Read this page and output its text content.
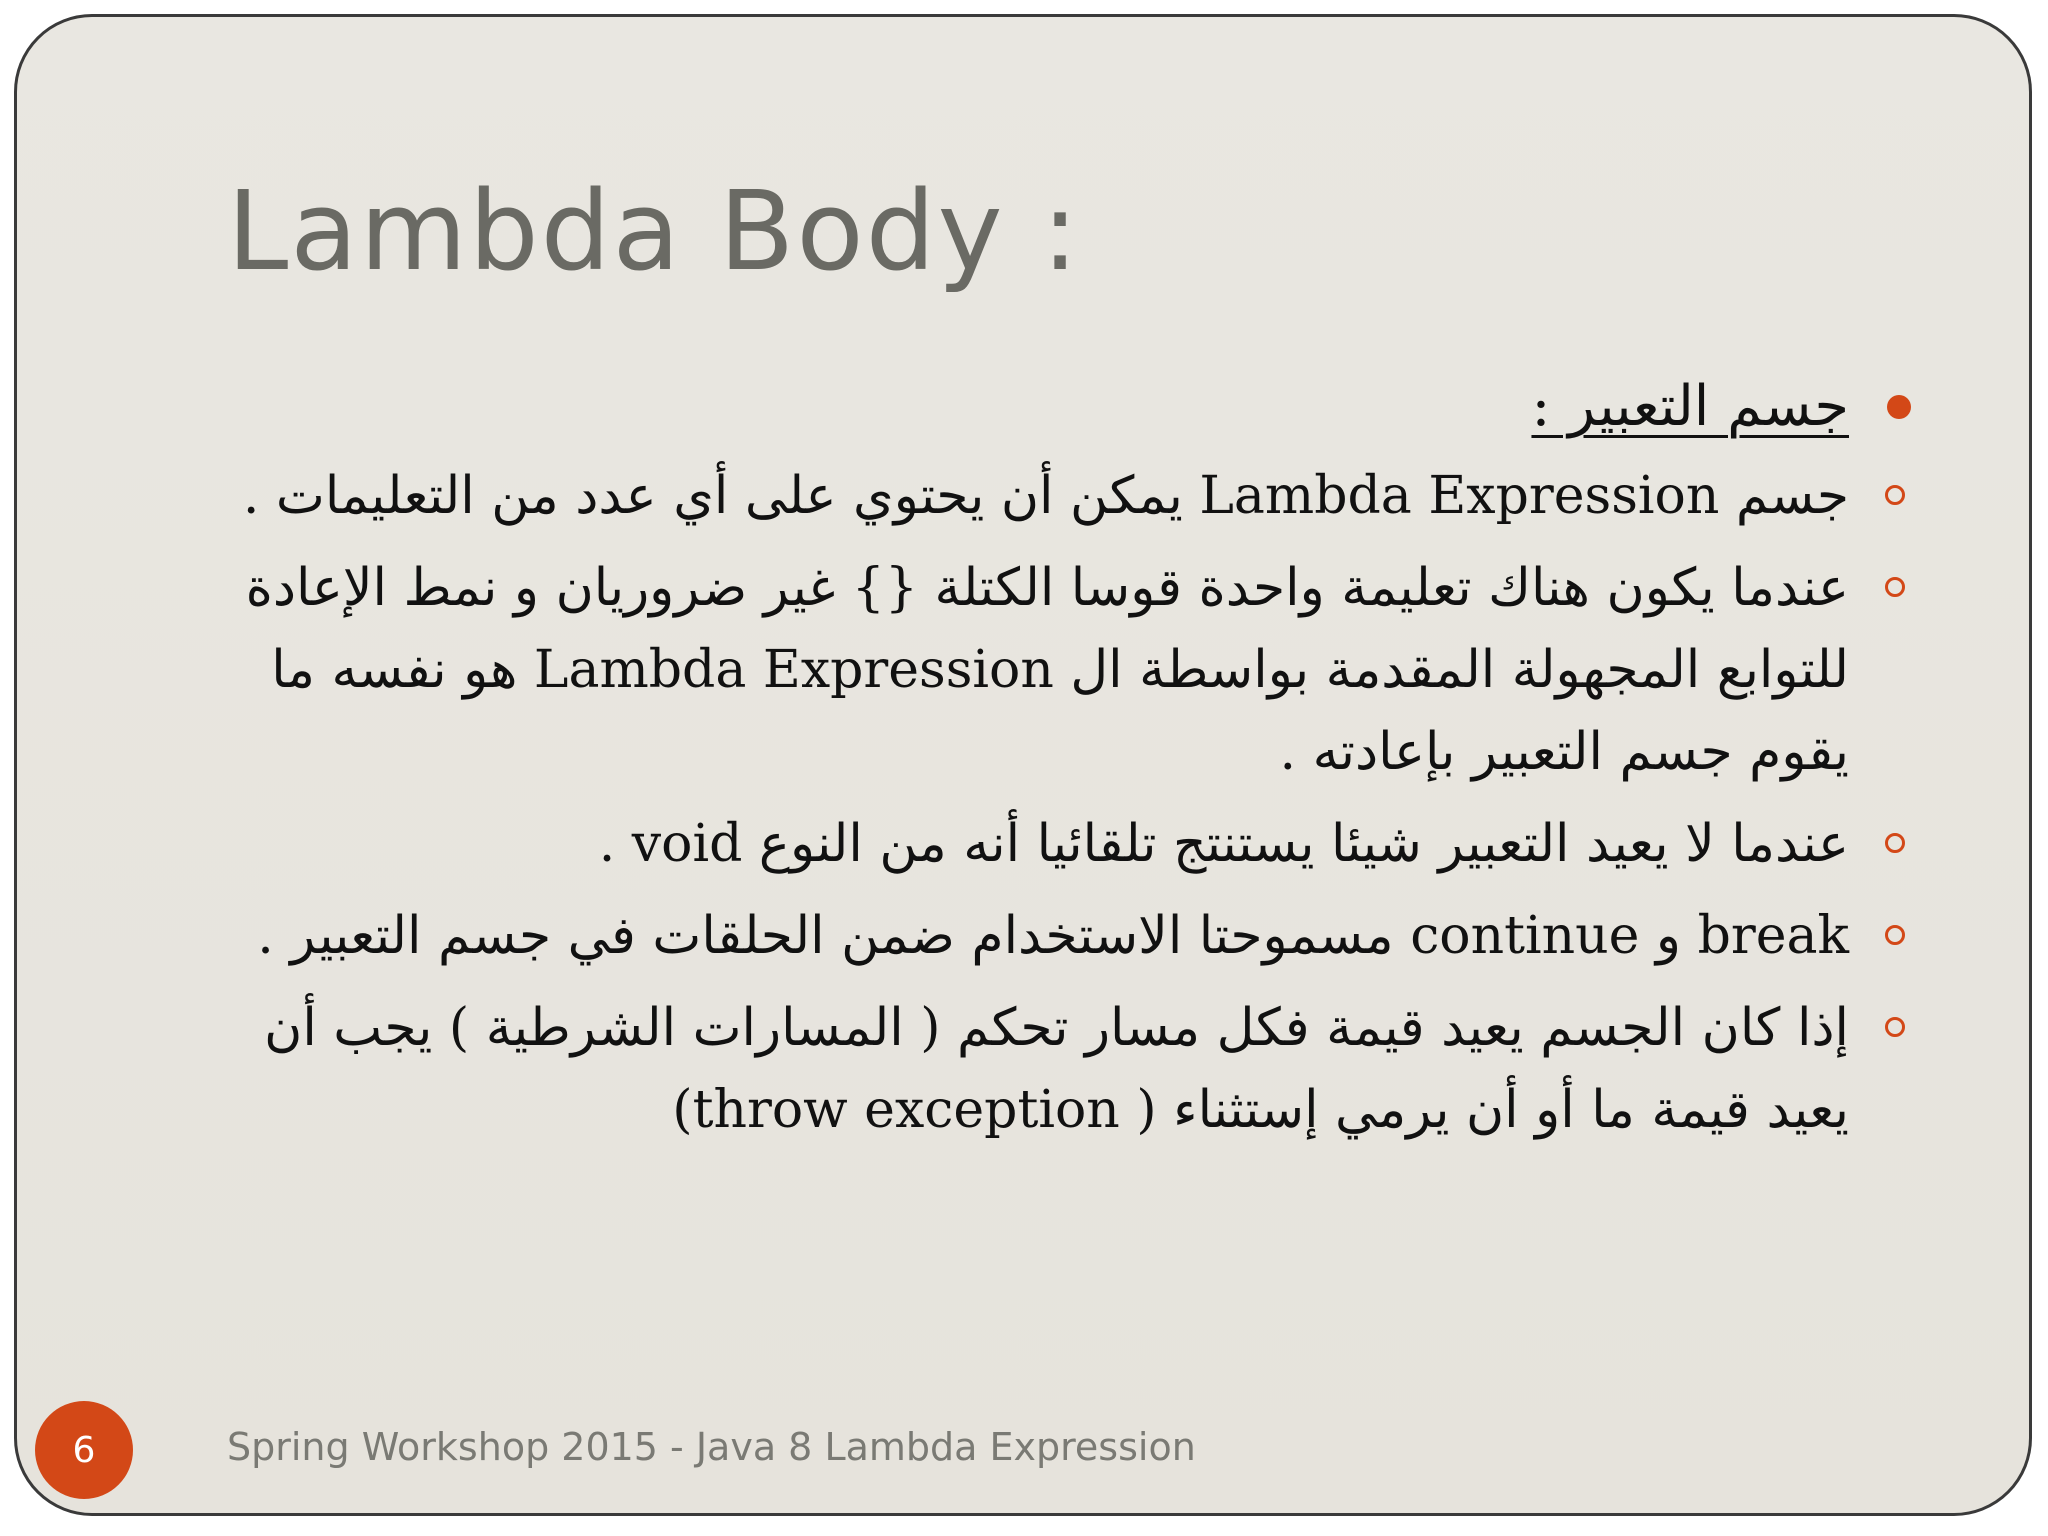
Lambda Body :
جسم التعبير :
جسم Lambda Expression يمكن أن يحتوي على أي عدد من التعليمات .
عندما يكون هناك تعليمة واحدة قوسا الكتلة {} غير ضروريان و نمط الإعادة للتوابع المجهولة المقدمة بواسطة ال Lambda Expression هو نفسه ما يقوم جسم التعبير بإعادته .
عندما لا يعيد التعبير شيئا يستنتج تلقائيا أنه من النوع void .
break و continue مسموحتا الاستخدام ضمن الحلقات في جسم التعبير .
إذا كان الجسم يعيد قيمة فكل مسار تحكم ( المسارات الشرطية ) يجب أن يعيد قيمة ما أو أن يرمي إستثناء ( throw exception)
6	Spring Workshop 2015 - Java 8 Lambda Expression
